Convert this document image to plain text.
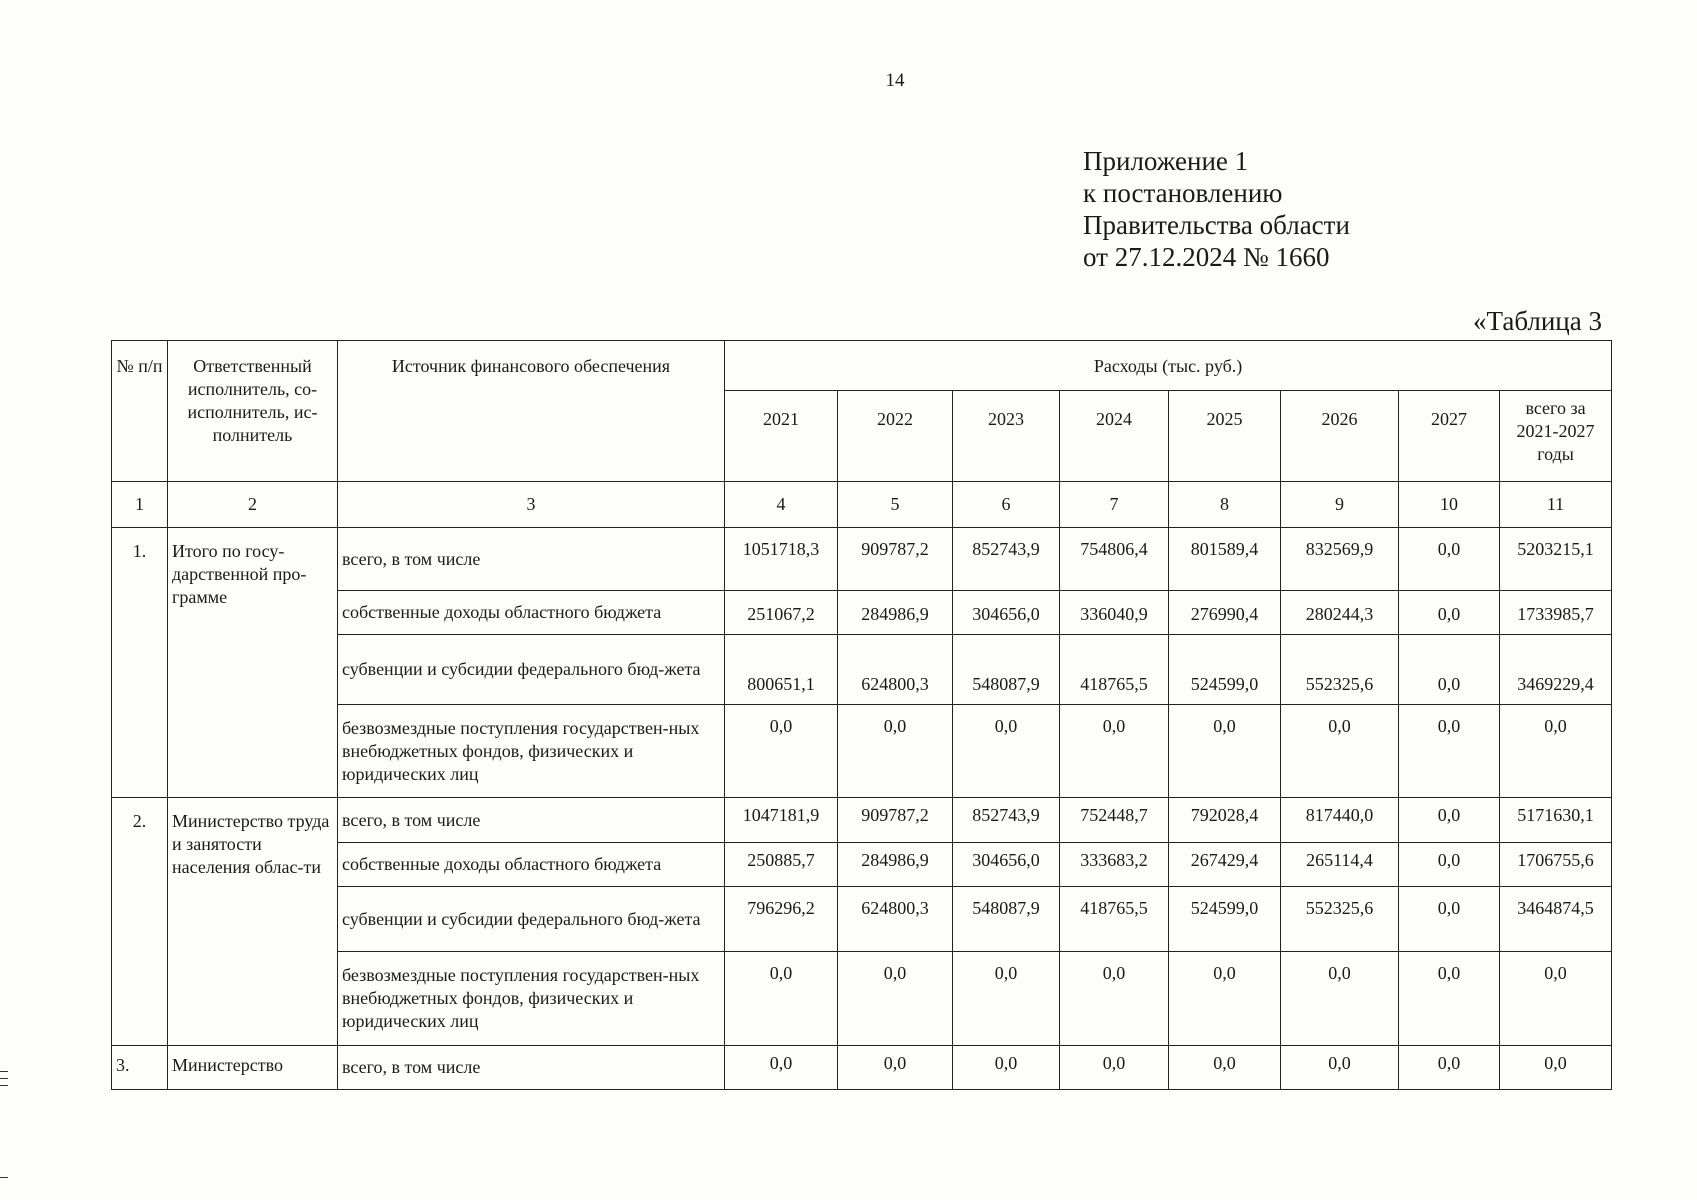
14
Приложение 1
к постановлению
Правительства области
от 27.12.2024 № 1660
«Таблица 3
№ п/п	Ответственный исполнитель, со-исполнитель, ис-полнитель	Источник финансового обеспечения	Расходы (тыс. руб.)							
			2021	2022	2023	2024	2025	2026	2027	всего за 2021-2027 годы
1	2	3	4	5	6	7	8	9	10	11
1.	Итого по госу-дарственной про-грамме	всего, в том числе	1051718,3	909787,2	852743,9	754806,4	801589,4	832569,9	0,0	5203215,1
		собственные доходы областного бюджета	251067,2	284986,9	304656,0	336040,9	276990,4	280244,3	0,0	1733985,7
		субвенции и субсидии федерального бюд-жета	800651,1	624800,3	548087,9	418765,5	524599,0	552325,6	0,0	3469229,4
		безвозмездные поступления государствен-ных внебюджетных фондов, физических и юридических лиц	0,0	0,0	0,0	0,0	0,0	0,0	0,0	0,0
2.	Министерство труда и занятости населения облас-ти	всего, в том числе	1047181,9	909787,2	852743,9	752448,7	792028,4	817440,0	0,0	5171630,1
		собственные доходы областного бюджета	250885,7	284986,9	304656,0	333683,2	267429,4	265114,4	0,0	1706755,6
		субвенции и субсидии федерального бюд-жета	796296,2	624800,3	548087,9	418765,5	524599,0	552325,6	0,0	3464874,5
		безвозмездные поступления государствен-ных внебюджетных фондов, физических и юридических лиц	0,0	0,0	0,0	0,0	0,0	0,0	0,0	0,0
3.	Министерство	всего, в том числе	0,0	0,0	0,0	0,0	0,0	0,0	0,0	0,0
